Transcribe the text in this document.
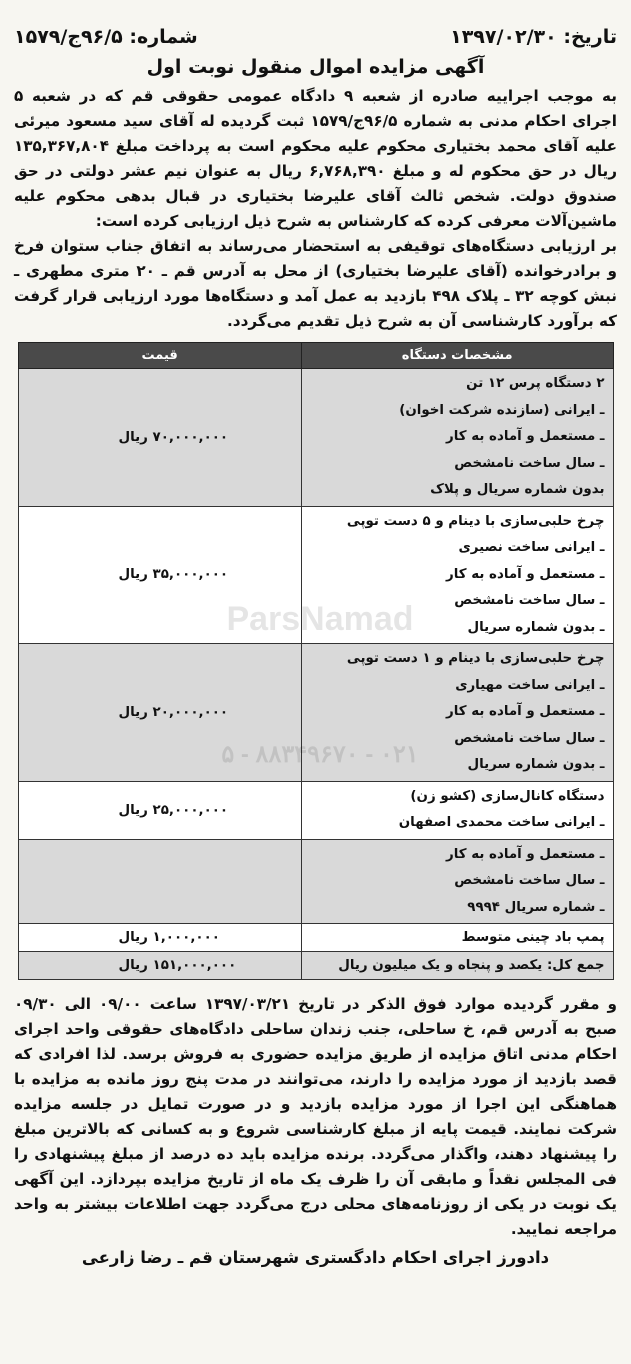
تاریخ: ۱۳۹۷/۰۲/۳۰
شماره: ۹۶/۵ج/۱۵۷۹
آگهی مزایده اموال منقول نوبت اول

به موجب اجراییه صادره از شعبه ۹ دادگاه عمومی حقوقی قم که در شعبه ۵ اجرای احکام مدنی به شماره ۹۶/۵ج/۱۵۷۹ ثبت گردیده له آقای سید مسعود میرئی علیه آقای محمد بختیاری محکوم علیه محکوم است به پرداخت مبلغ ۱۳۵,۳۶۷,۸۰۴ ریال در حق محکوم له و مبلغ ۶,۷۶۸,۳۹۰ ریال به عنوان نیم عشر دولتی در حق صندوق دولت. شخص ثالث آقای علیرضا بختیاری در قبال بدهی محکوم علیه ماشین‌آلات معرفی کرده که کارشناس به شرح ذیل ارزیابی کرده است:

بر ارزیابی دستگاه‌های توقیفی به استحضار می‌رساند به اتفاق جناب ستوان فرخ و برادرخوانده (آقای علیرضا بختیاری) از محل به آدرس قم ـ ۲۰ متری مطهری ـ نبش کوچه ۳۲ ـ پلاک ۴۹۸ بازدید به عمل آمد و دستگاه‌ها مورد ارزیابی قرار گرفت که برآورد کارشناسی آن به شرح ذیل تقدیم می‌گردد.

مشخصات دستگاه	قیمت

۲ دستگاه پرس ۱۲ تن
ـ ایرانی (سازنده شرکت اخوان)
ـ مستعمل و آماده به کار
ـ سال ساخت نامشخص
بدون شماره سریال و پلاک	۷۰,۰۰۰,۰۰۰ ریال

چرخ حلبی‌سازی با دینام و ۵ دست توپی
ـ ایرانی ساخت نصیری
ـ مستعمل و آماده به کار
ـ سال ساخت نامشخص
ـ بدون شماره سریال	۳۵,۰۰۰,۰۰۰ ریال

چرخ حلبی‌سازی با دینام و ۱ دست توپی
ـ ایرانی ساخت مهیاری
ـ مستعمل و آماده به کار
ـ سال ساخت نامشخص
ـ بدون شماره سریال	۲۰,۰۰۰,۰۰۰ ریال

دستگاه کانال‌سازی (کشو زن)
ـ ایرانی ساخت محمدی اصفهان	۲۵,۰۰۰,۰۰۰ ریال

ـ مستعمل و آماده به کار
ـ سال ساخت نامشخص
ـ شماره سریال ۹۹۹۴	

پمپ باد چینی متوسط	۱,۰۰۰,۰۰۰ ریال

جمع کل: یکصد و پنجاه و یک میلیون ریال	۱۵۱,۰۰۰,۰۰۰ ریال

و مقرر گردیده موارد فوق الذکر در تاریخ ۱۳۹۷/۰۳/۲۱ ساعت ۰۹/۰۰ الی ۰۹/۳۰ صبح به آدرس قم، خ ساحلی، جنب زندان ساحلی دادگاه‌های حقوقی واحد اجرای احکام مدنی اتاق مزایده از طریق مزایده حضوری به فروش برسد. لذا افرادی که قصد بازدید از مورد مزایده را دارند، می‌توانند در مدت پنج روز مانده به مزایده با هماهنگی این اجرا از مورد مزایده بازدید و در صورت تمایل در جلسه مزایده شرکت نمایند. قیمت پایه از مبلغ کارشناسی شروع و به کسانی که بالاترین مبلغ را پیشنهاد دهند، واگذار می‌گردد. برنده مزایده باید ده درصد از مبلغ پیشنهادی را فی المجلس نقداً و مابقی آن را ظرف یک ماه از تاریخ مزایده بپردازد. این آگهی یک نوبت در یکی از روزنامه‌های محلی درج می‌گردد جهت اطلاعات بیشتر به واحد مراجعه نمایید.

دادورز اجرای احکام دادگستری شهرستان قم ـ رضا زارعی
